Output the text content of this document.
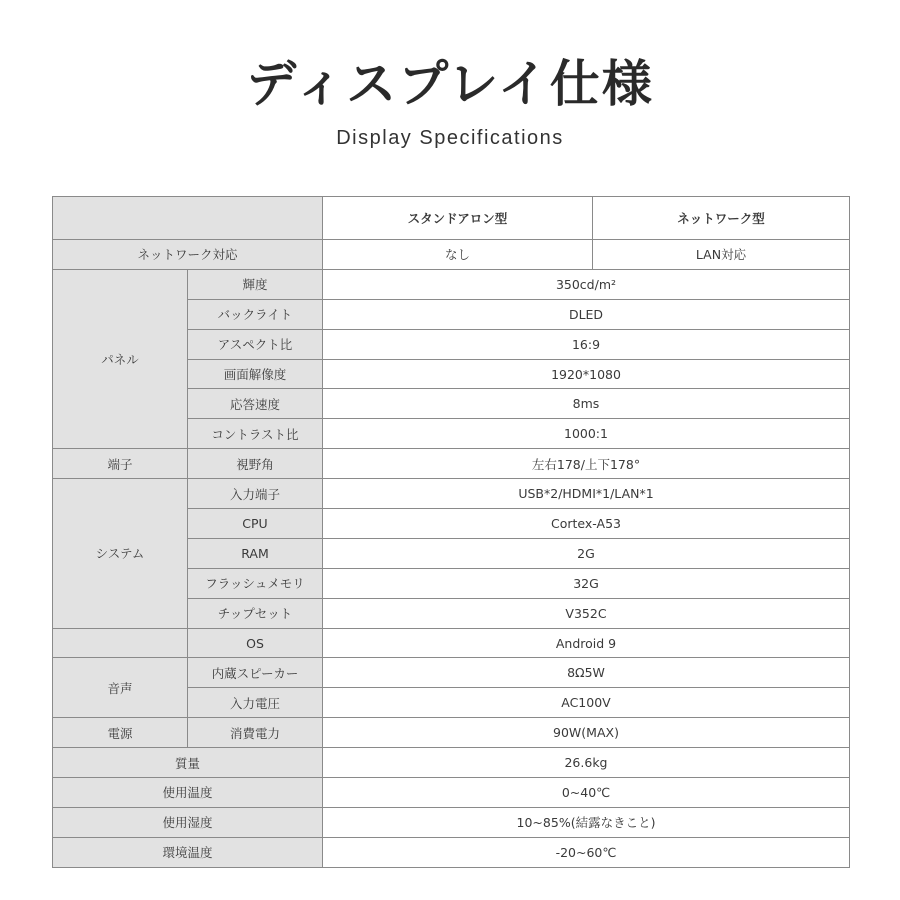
ディスプレイ仕様
Display Specifications
		スタンドアロン型	ネットワーク型
ネットワーク対応		なし	LAN対応
パネル	輝度	350cd/m²	
	バックライト	DLED	
	アスペクト比	16:9	
	画面解像度	1920*1080	
	応答速度	8ms	
	コントラスト比	1000:1	
端子	視野角	左右178/上下178°	
システム	入力端子	USB*2/HDMI*1/LAN*1	
	CPU	Cortex-A53	
	RAM	2G	
	フラッシュメモリ	32G	
	チップセット	V352C	
	OS	Android 9	
音声	内蔵スピーカー	8Ω5W	
	入力電圧	AC100V	
電源	消費電力	90W(MAX)	
質量		26.6kg	
使用温度		0~40℃	
使用湿度		10~85%(結露なきこと)	
環境温度		-20~60℃	
